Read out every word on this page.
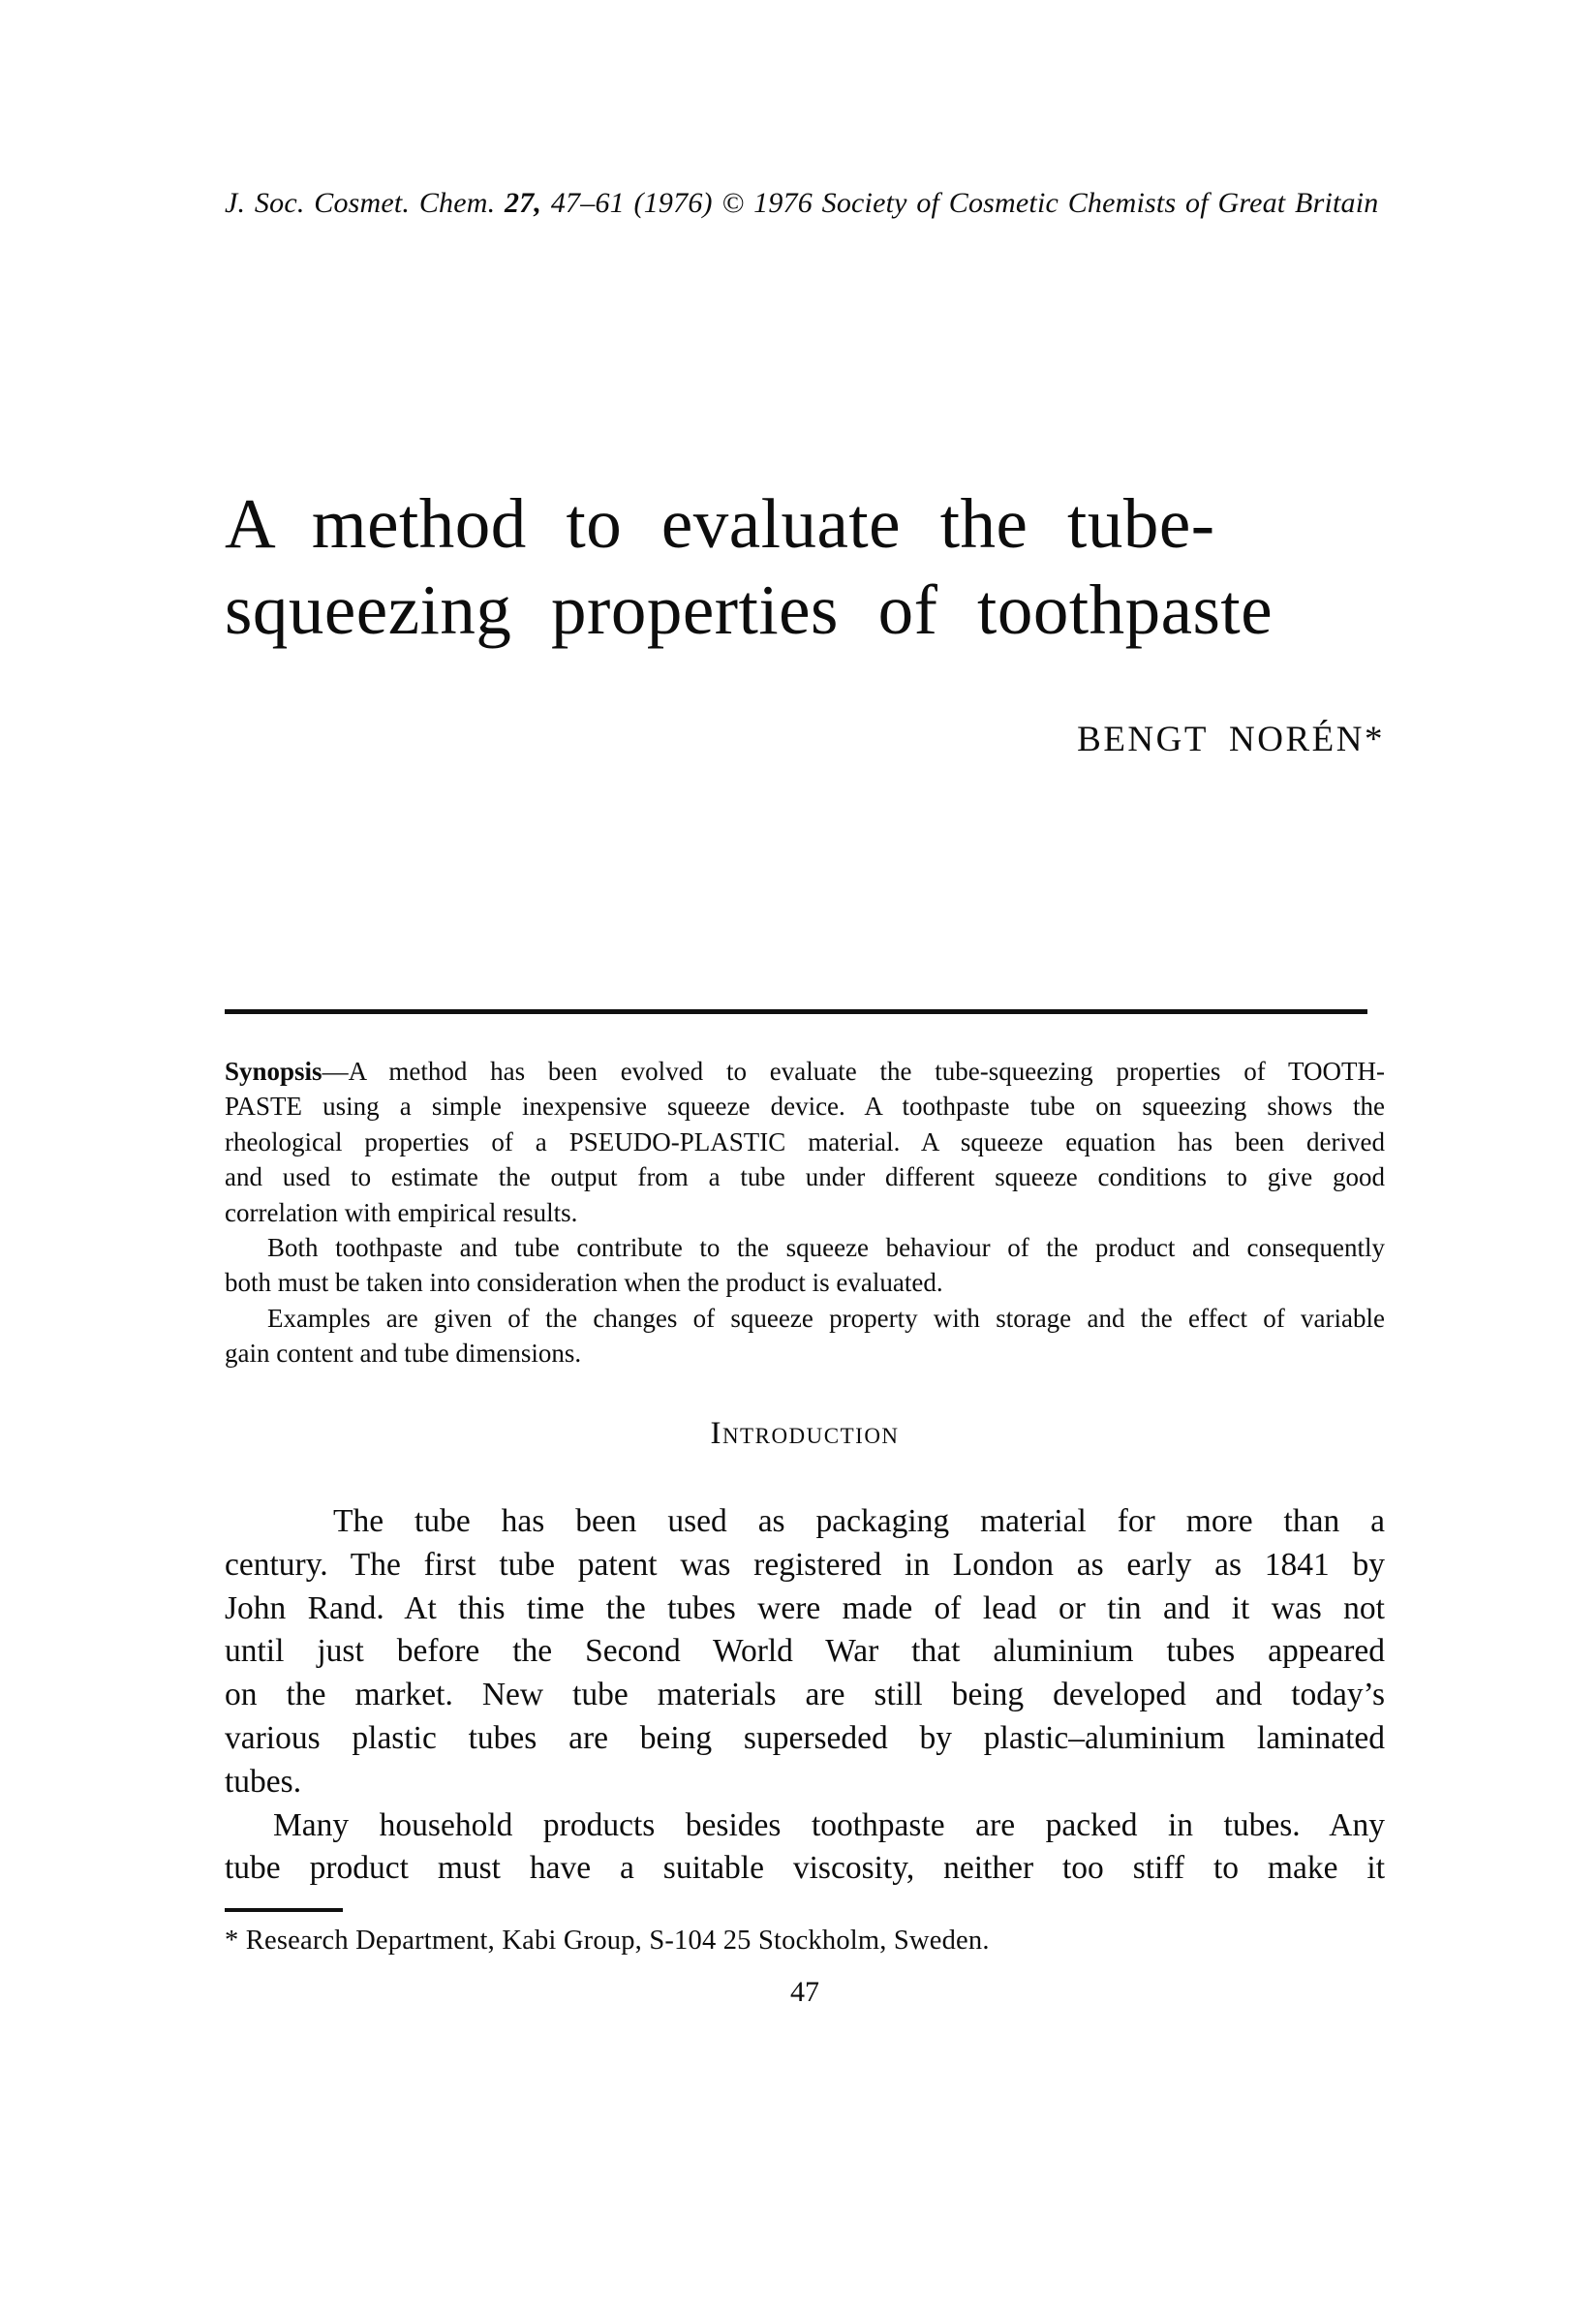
J. Soc. Cosmet. Chem. 27, 47–61 (1976) © 1976 Society of Cosmetic Chemists of Great Britain
A method to evaluate the tube-
squeezing properties of toothpaste
BENGT NORÉN*
Synopsis—A method has been evolved to evaluate the tube-squeezing properties of TOOTH-
PASTE using a simple inexpensive squeeze device. A toothpaste tube on squeezing shows the
rheological properties of a PSEUDO-PLASTIC material. A squeeze equation has been derived
and used to estimate the output from a tube under different squeeze conditions to give good
correlation with empirical results.
Both toothpaste and tube contribute to the squeeze behaviour of the product and consequently
both must be taken into consideration when the product is evaluated.
Examples are given of the changes of squeeze property with storage and the effect of variable
gain content and tube dimensions.
Introduction
The tube has been used as packaging material for more than a
century. The first tube patent was registered in London as early as 1841 by
John Rand. At this time the tubes were made of lead or tin and it was not
until just before the Second World War that aluminium tubes appeared
on the market. New tube materials are still being developed and today’s
various plastic tubes are being superseded by plastic–aluminium laminated
tubes.
Many household products besides toothpaste are packed in tubes. Any
tube product must have a suitable viscosity, neither too stiff to make it
* Research Department, Kabi Group, S-104 25 Stockholm, Sweden.
47
